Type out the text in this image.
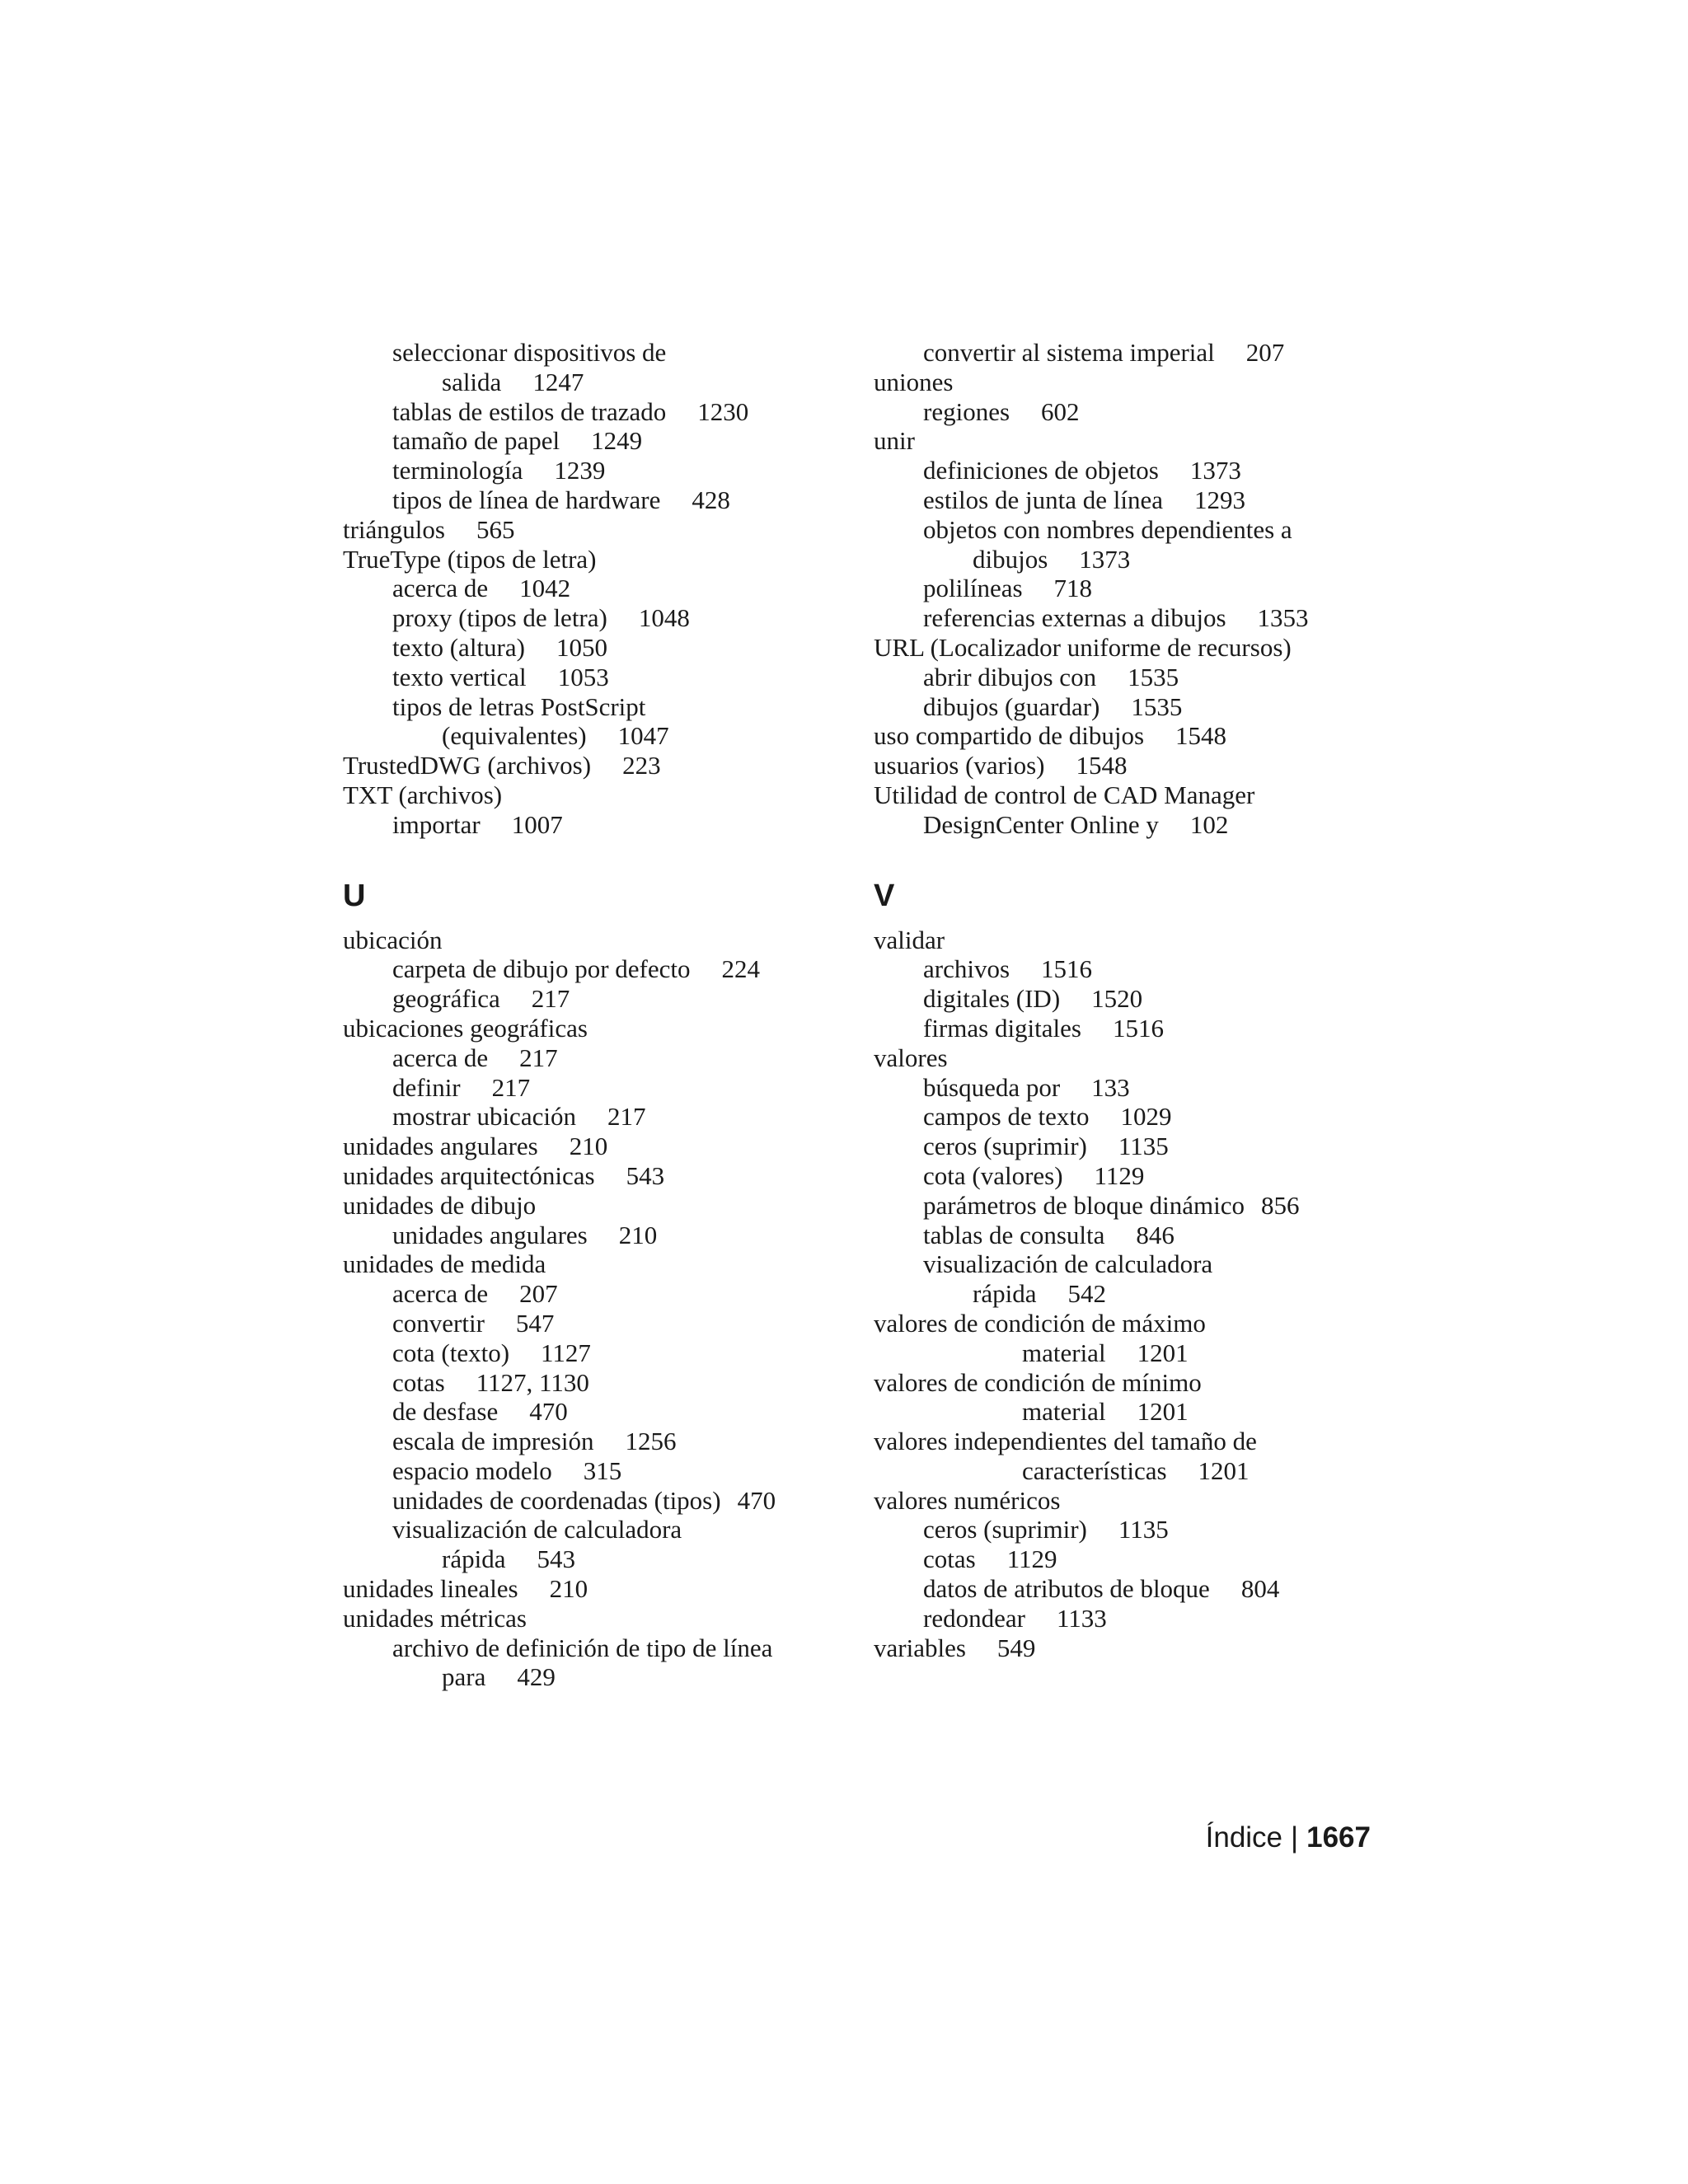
seleccionar dispositivos de
salida 1247
tablas de estilos de trazado 1230
tamaño de papel 1249
terminología 1239
tipos de línea de hardware 428
triángulos 565
TrueType (tipos de letra)
acerca de 1042
proxy (tipos de letra) 1048
texto (altura) 1050
texto vertical 1053
tipos de letras PostScript
(equivalentes) 1047
TrustedDWG (archivos) 223
TXT (archivos)
importar 1007
U
ubicación
carpeta de dibujo por defecto 224
geográfica 217
ubicaciones geográficas
acerca de 217
definir 217
mostrar ubicación 217
unidades angulares 210
unidades arquitectónicas 543
unidades de dibujo
unidades angulares 210
unidades de medida
acerca de 207
convertir 547
cota (texto) 1127
cotas 1127, 1130
de desfase 470
escala de impresión 1256
espacio modelo 315
unidades de coordenadas (tipos) 470
visualización de calculadora
rápida 543
unidades lineales 210
unidades métricas
archivo de definición de tipo de línea
para 429
convertir al sistema imperial 207
uniones
regiones 602
unir
definiciones de objetos 1373
estilos de junta de línea 1293
objetos con nombres dependientes a
dibujos 1373
polilíneas 718
referencias externas a dibujos 1353
URL (Localizador uniforme de recursos)
abrir dibujos con 1535
dibujos (guardar) 1535
uso compartido de dibujos 1548
usuarios (varios) 1548
Utilidad de control de CAD Manager
DesignCenter Online y 102
V
validar
archivos 1516
digitales (ID) 1520
firmas digitales 1516
valores
búsqueda por 133
campos de texto 1029
ceros (suprimir) 1135
cota (valores) 1129
parámetros de bloque dinámico 856
tablas de consulta 846
visualización de calculadora
rápida 542
valores de condición de máximo
material 1201
valores de condición de mínimo
material 1201
valores independientes del tamaño de
características 1201
valores numéricos
ceros (suprimir) 1135
cotas 1129
datos de atributos de bloque 804
redondear 1133
variables 549
Índice | 1667
